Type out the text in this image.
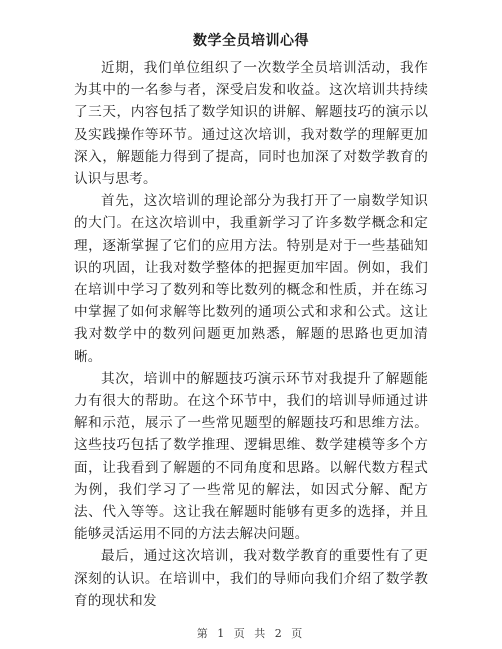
数学全员培训心得

近期，我们单位组织了一次数学全员培训活动，我作为其中的一名参与者，深受启发和收益。这次培训共持续了三天，内容包括了数学知识的讲解、解题技巧的演示以及实践操作等环节。通过这次培训，我对数学的理解更加深入，解题能力得到了提高，同时也加深了对数学教育的认识与思考。

首先，这次培训的理论部分为我打开了一扇数学知识的大门。在这次培训中，我重新学习了许多数学概念和定理，逐渐掌握了它们的应用方法。特别是对于一些基础知识的巩固，让我对数学整体的把握更加牢固。例如，我们在培训中学习了数列和等比数列的概念和性质，并在练习中掌握了如何求解等比数列的通项公式和求和公式。这让我对数学中的数列问题更加熟悉，解题的思路也更加清晰。

其次，培训中的解题技巧演示环节对我提升了解题能力有很大的帮助。在这个环节中，我们的培训导师通过讲解和示范，展示了一些常见题型的解题技巧和思维方法。这些技巧包括了数学推理、逻辑思维、数学建模等多个方面，让我看到了解题的不同角度和思路。以解代数方程式为例，我们学习了一些常见的解法，如因式分解、配方法、代入等等。这让我在解题时能够有更多的选择，并且能够灵活运用不同的方法去解决问题。

最后，通过这次培训，我对数学教育的重要性有了更深刻的认识。在培训中，我们的导师向我们介绍了数学教育的现状和发

第 1 页 共 2 页
